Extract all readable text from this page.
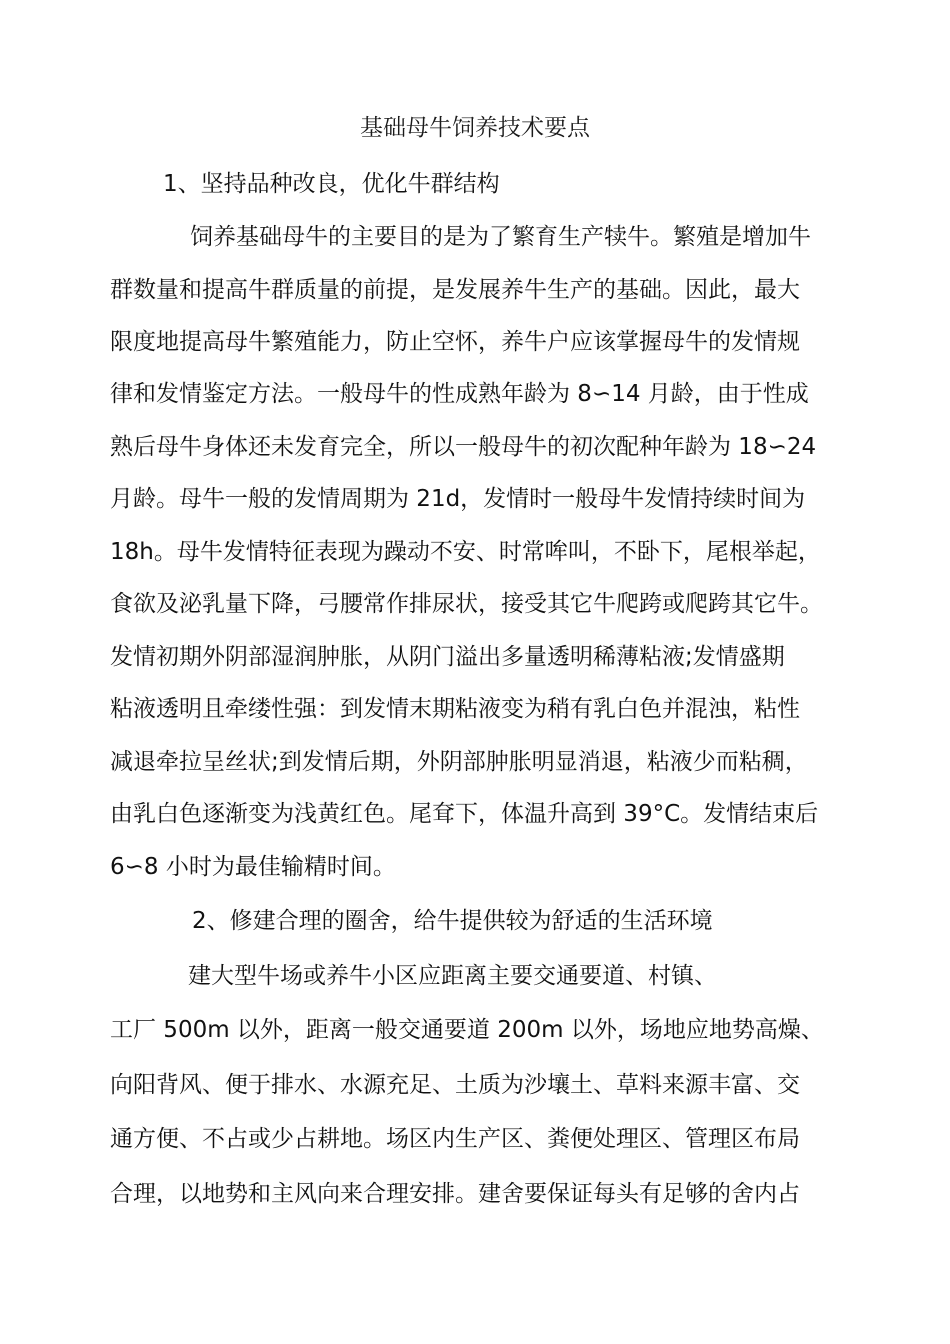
基础母牛饲养技术要点
1、坚持品种改良，优化牛群结构
饲养基础母牛的主要目的是为了繁育生产犊牛。繁殖是增加牛
群数量和提高牛群质量的前提，是发展养牛生产的基础。因此，最大
限度地提高母牛繁殖能力，防止空怀，养牛户应该掌握母牛的发情规
律和发情鉴定方法。一般母牛的性成熟年龄为 8∽14 月龄，由于性成
熟后母牛身体还未发育完全，所以一般母牛的初次配种年龄为 18∽24
月龄。母牛一般的发情周期为 21d，发情时一般母牛发情持续时间为
18h。母牛发情特征表现为躁动不安、时常哞叫，不卧下，尾根举起，
食欲及泌乳量下降，弓腰常作排尿状，接受其它牛爬跨或爬跨其它牛。
发情初期外阴部湿润肿胀，从阴门溢出多量透明稀薄粘液;发情盛期
粘液透明且牵缕性强：到发情末期粘液变为稍有乳白色并混浊，粘性
减退牵拉呈丝状;到发情后期，外阴部肿胀明显消退，粘液少而粘稠，
由乳白色逐渐变为浅黄红色。尾耷下，体温升高到 39°C。发情结束后
6∽8 小时为最佳输精时间。
2、修建合理的圈舍，给牛提供较为舒适的生活环境
建大型牛场或养牛小区应距离主要交通要道、村镇、
工厂 500m 以外，距离一般交通要道 200m 以外，场地应地势高燥、
向阳背风、便于排水、水源充足、土质为沙壤土、草料来源丰富、交
通方便、不占或少占耕地。场区内生产区、粪便处理区、管理区布局
合理，以地势和主风向来合理安排。建舍要保证每头有足够的舍内占
